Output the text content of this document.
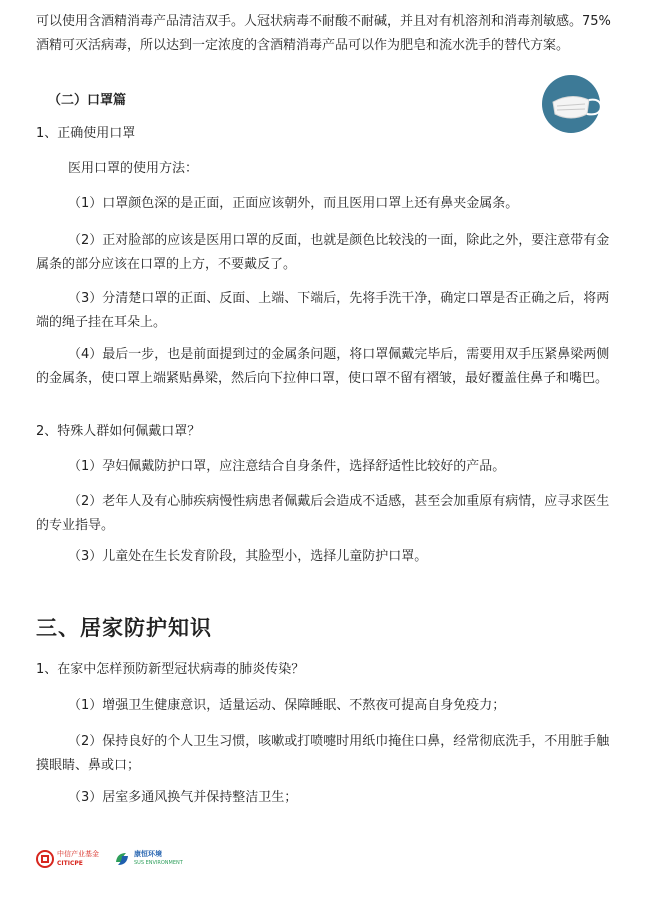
可以使用含酒精消毒产品清洁双手。人冠状病毒不耐酸不耐碱，并且对有机溶剂和消毒剂敏感。75% 酒精可灭活病毒，所以达到一定浓度的含酒精消毒产品可以作为肥皂和流水洗手的替代方案。

（二）口罩篇

1、正确使用口罩

医用口罩的使用方法：

（1）口罩颜色深的是正面，正面应该朝外，而且医用口罩上还有鼻夹金属条。

（2）正对脸部的应该是医用口罩的反面，也就是颜色比较浅的一面，除此之外，要注意带有金属条的部分应该在口罩的上方，不要戴反了。

（3）分清楚口罩的正面、反面、上端、下端后，先将手洗干净，确定口罩是否正确之后，将两端的绳子挂在耳朵上。

（4）最后一步，也是前面提到过的金属条问题，将口罩佩戴完毕后，需要用双手压紧鼻梁两侧的金属条，使口罩上端紧贴鼻梁，然后向下拉伸口罩，使口罩不留有褶皱，最好覆盖住鼻子和嘴巴。

2、特殊人群如何佩戴口罩？

（1）孕妇佩戴防护口罩，应注意结合自身条件，选择舒适性比较好的产品。

（2）老年人及有心肺疾病慢性病患者佩戴后会造成不适感，甚至会加重原有病情，应寻求医生的专业指导。

（3）儿童处在生长发育阶段，其脸型小，选择儿童防护口罩。

三、居家防护知识

1、在家中怎样预防新型冠状病毒的肺炎传染？

（1）增强卫生健康意识，适量运动、保障睡眠、不熬夜可提高自身免疫力；

（2）保持良好的个人卫生习惯，咳嗽或打喷嚏时用纸巾掩住口鼻，经常彻底洗手，不用脏手触摸眼睛、鼻或口；

（3）居室多通风换气并保持整洁卫生；

中信产业基金
CITICPE
康恒环境
SUS ENVIRONMENT
